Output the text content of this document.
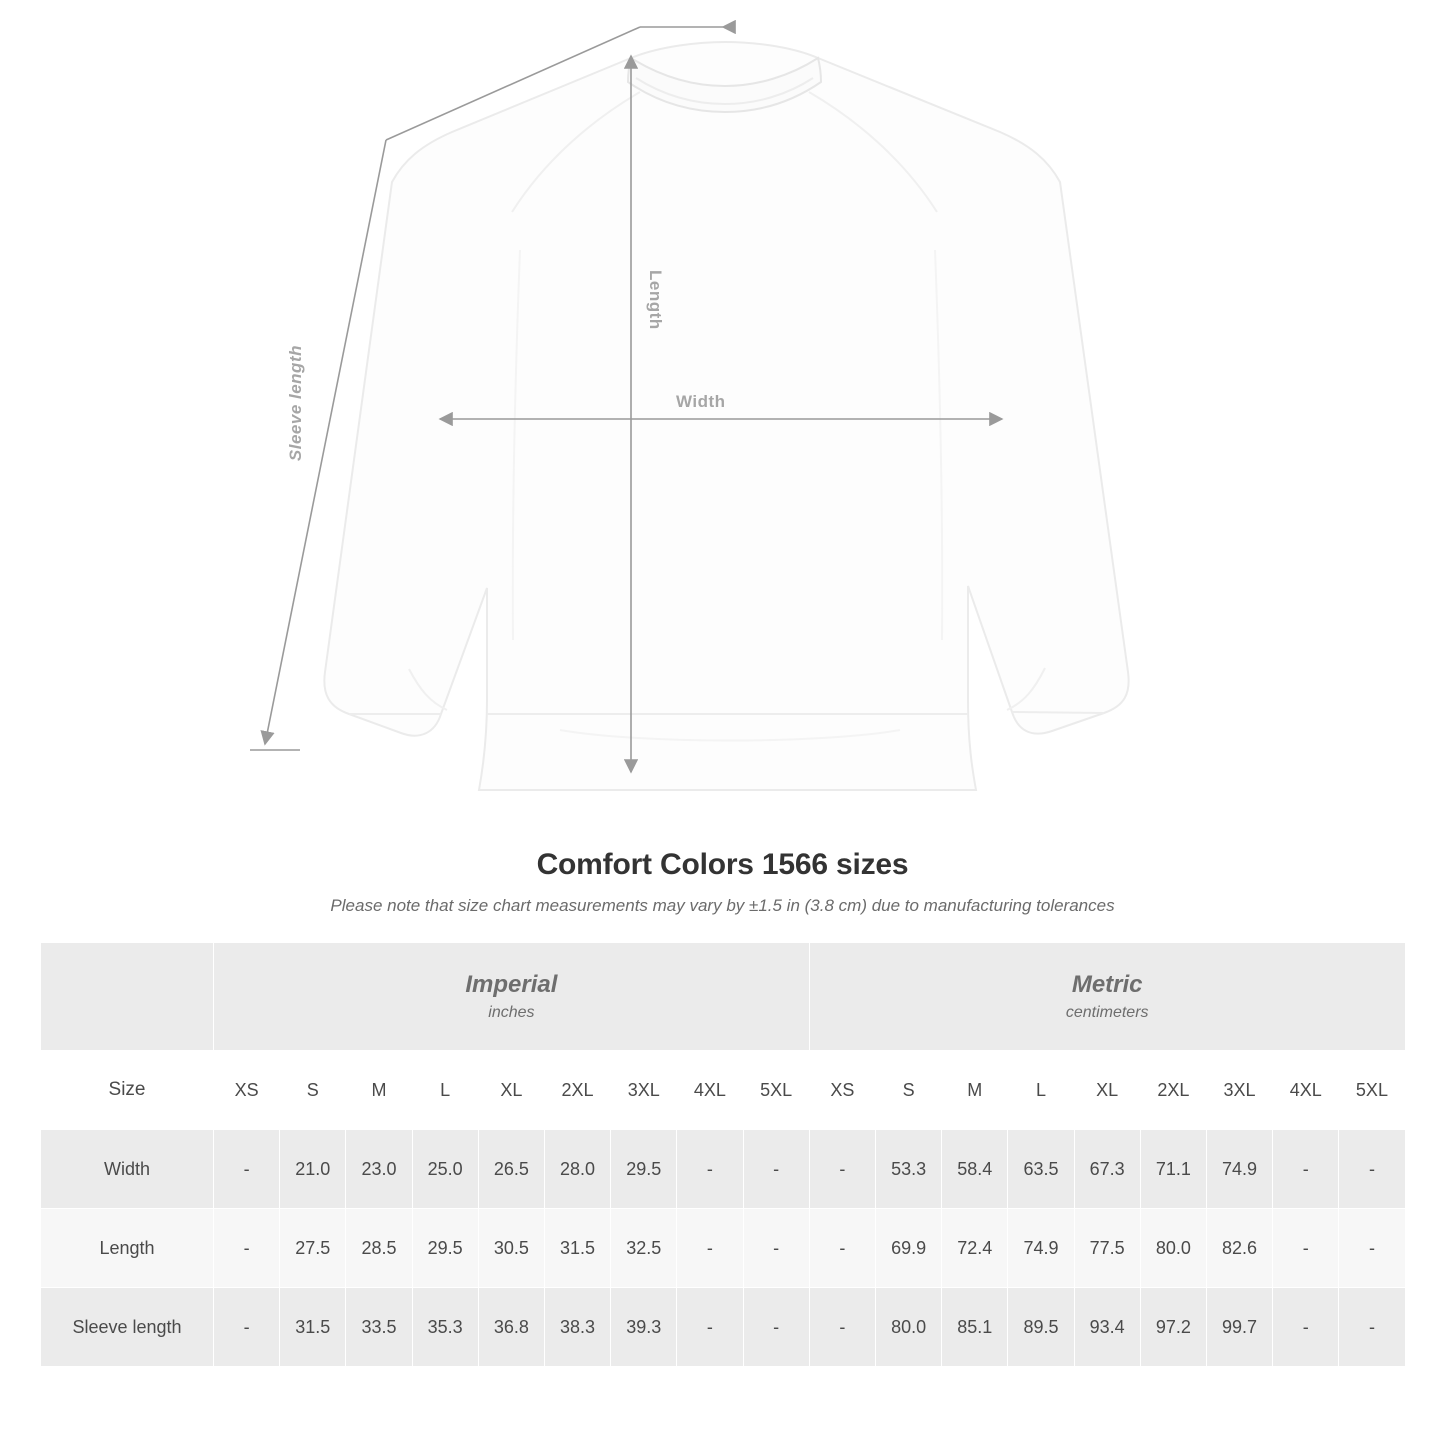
Length
Width
Sleeve length
Comfort Colors 1566 sizes

Please note that size chart measurements may vary by ±1.5 in (3.8 cm) due to manufacturing tolerances

Imperial
inches

Metric
centimeters

Size	XS	S	M	L	XL	2XL	3XL	4XL	5XL	XS	S	M	L	XL	2XL	3XL	4XL	5XL
Width	-	21.0	23.0	25.0	26.5	28.0	29.5	-	-	-	53.3	58.4	63.5	67.3	71.1	74.9	-	-
Length	-	27.5	28.5	29.5	30.5	31.5	32.5	-	-	-	69.9	72.4	74.9	77.5	80.0	82.6	-	-
Sleeve length	-	31.5	33.5	35.3	36.8	38.3	39.3	-	-	-	80.0	85.1	89.5	93.4	97.2	99.7	-	-
